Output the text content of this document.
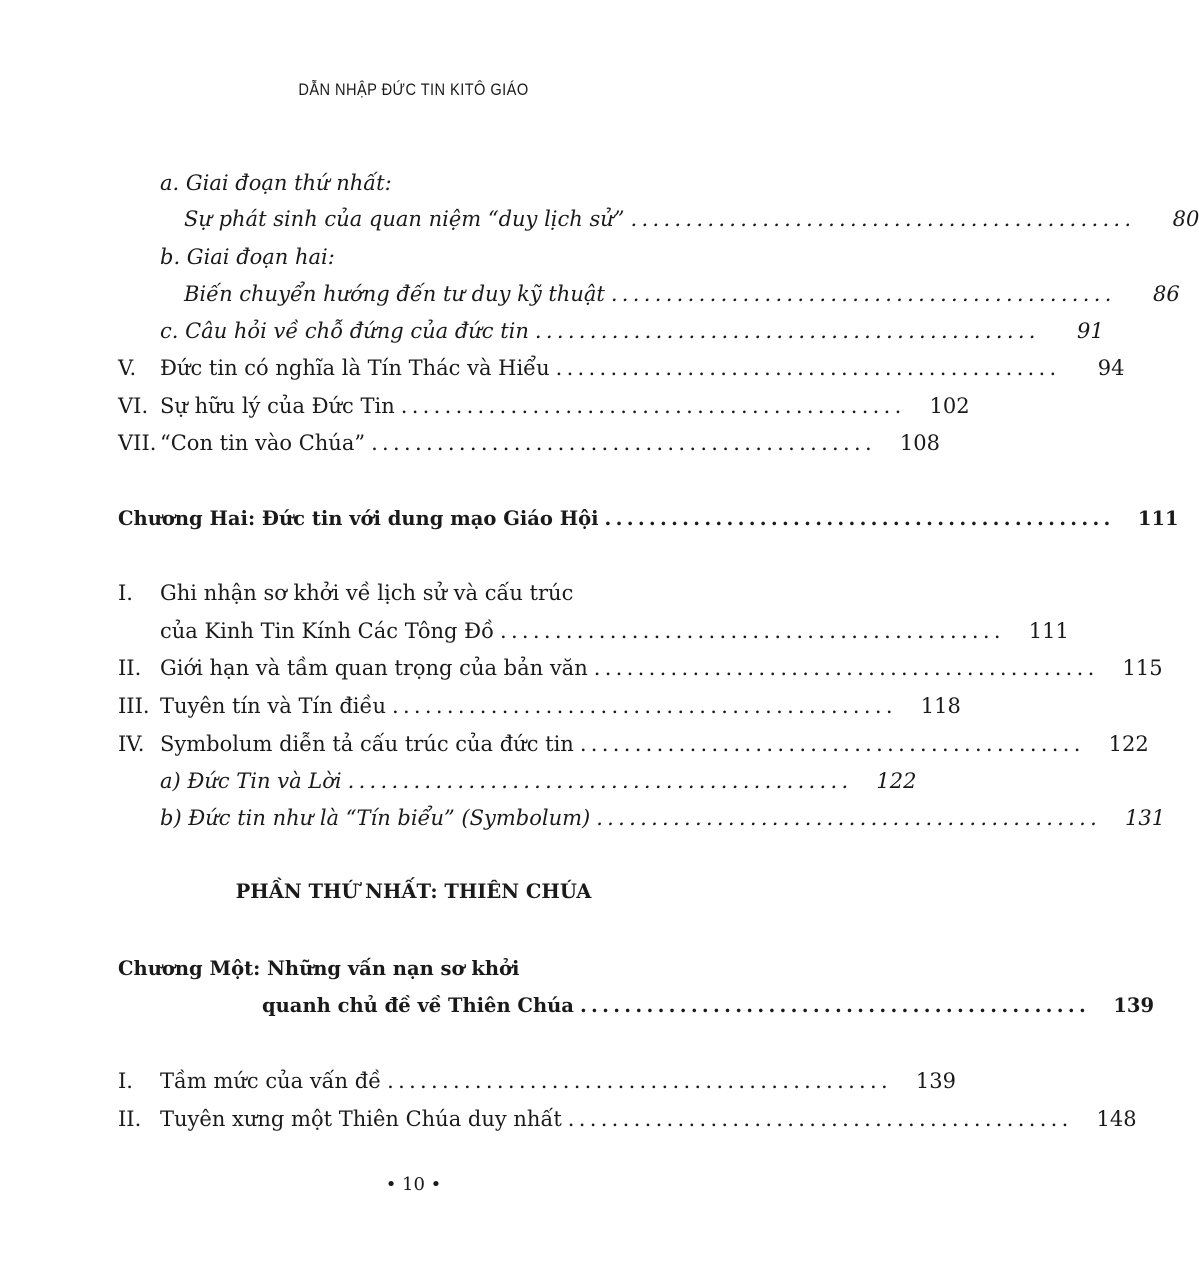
DẪN NHẬP ĐỨC TIN KITÔ GIÁO
a. Giai đoạn thứ nhất:
Sự phát sinh của quan niệm “duy lịch sử” ..............................................	80
b. Giai đoạn hai:
Biến chuyển hướng đến tư duy kỹ thuật ..............................................	86
c. Câu hỏi về chỗ đứng của đức tin ..............................................	91
V.	Đức tin có nghĩa là Tín Thác và Hiểu ..............................................	94
VI. Sự hữu lý của Đức Tin ..............................................	102
VII. “Con tin vào Chúa” ..............................................	108
Chương Hai: Đức tin với dung mạo Giáo Hội ..............................................	111
I.	Ghi nhận sơ khởi về lịch sử và cấu trúc
của Kinh Tin Kính Các Tông Đồ ..............................................	111
II. Giới hạn và tầm quan trọng của bản văn ..............................................	115
III. Tuyên tín và Tín điều ..............................................	118
IV. Symbolum diễn tả cấu trúc của đức tin ..............................................	122
a) Đức Tin và Lời ..............................................	122
b) Đức tin như là “Tín biểu” (Symbolum) ..............................................	131
PHẦN THỨ NHẤT: THIÊN CHÚA
Chương Một: Những vấn nạn sơ khởi
quanh chủ đề về Thiên Chúa ..............................................	139
I.	Tầm mức của vấn đề ..............................................	139
II. Tuyên xưng một Thiên Chúa duy nhất ..............................................	148
• 10 •
